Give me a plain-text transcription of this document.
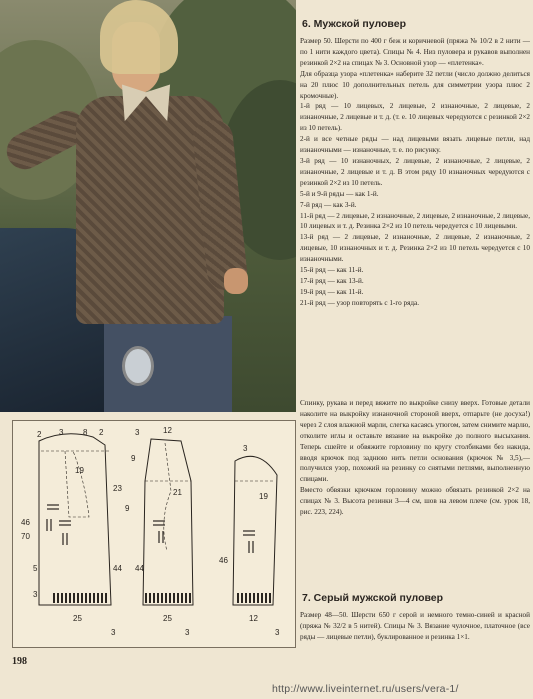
6. Мужской пуловер

Размер 50. Шерсти по 400 г беж и коричневой (пряжа № 10/2 в 2 нити — по 1 нити каждого цвета). Спицы № 4. Низ пуловера и рукавов выполнен резинкой 2×2 на спицах № 3. Основной узор — «плетенка».

Для образца узора «плетенка» наберите 32 петли (число должно делиться на 20 плюс 10 дополнительных петель для симметрии узора плюс 2 кромочные).

1-й ряд — 10 лицевых, 2 лицевые, 2 изнаночные, 2 лицевые, 2 изнаночные, 2 лицевые и т. д. (т. е. 10 лицевых чередуются с резинкой 2×2 из 10 петель).
2-й и все четные ряды — над лицевыми вязать лицевые петли, над изнаночными — изнаночные, т. е. по рисунку.
3-й ряд — 10 изнаночных, 2 лицевые, 2 изнаночные, 2 лицевые, 2 изнаночные, 2 лицевые и т. д. В этом ряду 10 изнаночных чередуются с резинкой 2×2 из 10 петель.
5-й и 9-й ряды — как 1-й.
7-й ряд — как 3-й.
11-й ряд — 2 лицевые, 2 изнаночные, 2 лицевые, 2 изнаночные, 2 лицевые, 10 лицевых и т. д. Резинка 2×2 из 10 петель чередуется с 10 лицевыми.
13-й ряд — 2 лицевые, 2 изнаночные, 2 лицевые, 2 изнаночные, 2 лицевые, 10 изнаночных и т. д. Резинка 2×2 из 10 петель чередуется с 10 изнаночными.
15-й ряд — как 11-й.
17-й ряд — как 13-й.
19-й ряд — как 11-й.
21-й ряд — узор повторять с 1-го ряда.

Спинку, рукава и перед вяжите по выкройке снизу вверх. Готовые детали наколите на выкройку изнаночной стороной вверх, отпарьте (не досуха!) через 2 слоя влажной марли, слегка касаясь утюгом, затем снимите марлю, отколите иглы и оставьте вязание на выкройке до полного высыхания. Теперь сшейте и обвяжите горловину по кругу столбиками без накида, вводя крючок под заднюю нить петли основания (крючок № 3,5),— получился узор, похожий на резинку со снятыми петлями, выполненную спицами.

Вместо обвязки крючком горловину можно обвязать резинкой 2×2 на спицах № 3. Высота резинки 3—4 см, шов на левом плече (см. урок 18, рис. 223, 224).

7. Серый мужской пуловер

Размер 48—50. Шерсти 650 г серой и немного темно-синей и красной (пряжа № 32/2 в 5 нитей). Спицы № 3. Вязание чулочное, платочное (все ряды — лицевые петли), буклированное и резинка 1×1.

2 3 8 2	3	12
19
23	21
9
19
3
46
70
44 44
46
25	25	12
3	3	3
9
5
3
198
http://www.liveinternet.ru/users/vera-1/
